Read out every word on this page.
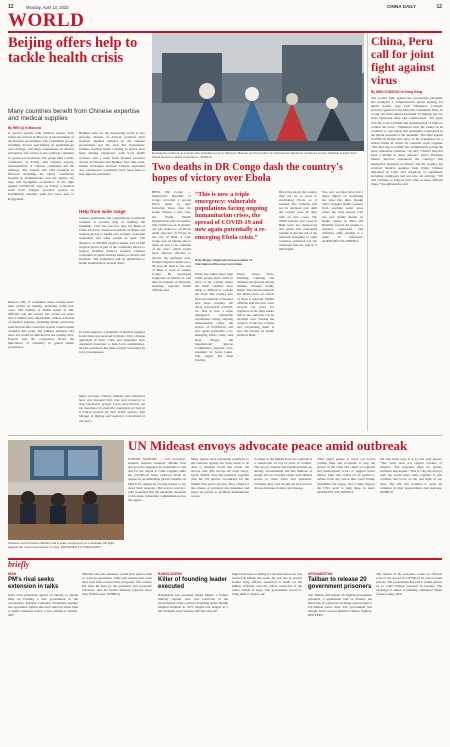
12	Monday, April 13, 2020	CHINA DAILY	12
WORLD
Beijing offers help to tackle health crisis
Many countries benefit from Chinese expertise and medical supplies
By REN QI in Moscow
A special session with medical experts from China has arrived in Moscow at the invitation of the Russian government. The 10-member group, including doctors specializing in epidemiology and virology, will share experiences on disease prevention and control as the outbreak continues to spread across Russia. The group held a video conference on Friday with Chinese experts, representatives of Chinese companies and the embassy. The experts will visit hospitals in Moscow, including the newly constructed hospital in Kommunarka, and the experts say they will strengthen cooperation in the fight against COVID-19. Also on Friday a medical team from Jiangsu province arrived in Kazakhstan. Another team has been sent to Kyrgyzstan.
Russia's tally of confirmed cases reached more than 13,500 on Sunday, including 2,186 new cases. The number of deaths stands at 106. Officials said the country has carried out more than 1 million tests. Meanwhile, China's donation of medical supplies, including masks, protective suits and test kits, arrived in several Central Asian countries this week. The Chinese embassy said more aid would be delivered in the coming days. Experts said the cooperation shows the importance of solidarity in global health governance.
Beijing's help for the developing world is also growing. Dozens of African countries have received supplies donated by the Chinese government and the Jack Ma Foundation. Chinese medical teams working in Africa have been sharing experience with local health workers, and a team from Sichuan province arrived in Ethiopia and Burkina Faso this week. Online exchanges between Chinese specialists and counterparts worldwide have been held to help fight the pandemic.
Help from wide range
Chinese individuals and organizations worldwide continue to provide help in fighting the pandemic. Over the past few days the Bank of China USA has donated thousands of masks and surgical gloves to health care workers, front-line responders and other people in need. The donation of 250,000 surgical masks and 12,000 surgical gloves is part of the continuing efforts to support frontline medical workers. Chinese companies in Japan donated masks to schools and hospitals. The equipment will be distributed to health institutions in several cities.
In Latin America, a shipment of medical supplies from China was received in Mexico City. Chinese diplomats in Peru, Chile and Argentina have organized donations to help local communities, and the assistance has been warmly welcomed by local governments.
Many overseas Chinese students and volunteers have also donated their time and resources to help vulnerable groups. Local governments say the donations of protective equipment arrived at a critical moment for their health systems. Pan Mengqi in Beijing and agencies contributed to this story.
Emergency workers at a temporary hospital set up in Moscow, Russia, as the number of coronavirus infections continues to rise. Medical experts from China arrived to share experience. XINHUA
Two deaths in DR Congo dash the country's hopes of victory over Ebola
BENI, DR Congo — Democratic Republic of Congo recorded a second Ebola death in days following more than six weeks without a new case, the World Health Organization said on Sunday. The victim was an 11-month-old girl linked to an Ebola death reported on Friday in the city of Beni, it said. Congo was on Sunday due to mark an end to an outbreak of the virus, which would have allowed officials to declare the epidemic over. Friday's reported death was a 26-year-old man in the east of Beni, a town in eastern Congo. He developed symptoms on March 27, and died in hospital on Thursday morning, regional health officials said.
“This is now a triple emergency: vulnerable populations facing ongoing humanitarian crises, the spread of COVID-19 and now again potentially a re-emerging Ebola crisis.”
Kate Moger, Regional vice-president of International Rescue Committee
Ebola has killed more than 2,260 people since 2018 in areas of the country where the tribal conflicts have made it difficult to contain the virus. The country also faces an outbreak of measles and, more recently, the novel coronavirus COVID-19. This is now a triple emergency: vulnerable populations facing ongoing humanitarian crises, the spread of COVID-19 and now again potentially a re-emerging Ebola crisis, said Kate Moger, the International Rescue Committee's regional vice-president for Great Lakes. The region has been bracing.
Ebola causes fever, bleeding, vomiting and diarrhea and spreads among humans through bodily fluids. The current outbreak has killed about two thirds of those it infected. Health officials said the new cases showed the need for vigilance in the final weeks before the outbreak can be declared over. Tracing the contacts of the two victims and vaccinating them is now the priority for health teams in Beni.
But it has shown the country may not be as close to eradicating Ebola as it seemed. The outbreak will not be declared over until the country goes 42 days with no new cases. The WHO said the new cases in Beni were not unexpected and teams had responded rapidly. It said the risk of the outbreak spreading to other countries remained low but cautioned that the region is still fragile.
Two new vaccines have had a major impact on containing the virus this time, though critics stopped health workers from reaching some areas where the virus spread. Late last year deadly attacks on health centers in Beni and Butembo forced aid groups to suspend operations and withdraw staff, leading to a spike in infections. AGENCIES VIA XINHUA
China, Peru call for joint fight against virus
By WEN ZONGDUO in Hong Kong
The world's fight against the coronavirus pandemic has prompted a comprehensive global strategy for public health, says Luis Villanueva Carbajal, secretary-general of the Peruvian Communist Party. In a long call with Chinese President Xi Jinping, the two sides expressed unity and collaboration. “We agree with the correct attitude and determination of China to combat the virus,” Villanueva said. He called on all countries to join hands and strengthen cooperation in the global response to the pandemic. The fight against COVID-19 should also serve as the foundation for a shared future in which all countries work together. “The first step is to fulfil our commitments to help the most vulnerable countries,” he said. “China's help has been a lifeline to many nations.” Peru's President Martin Vizcarra announced the country's first emergency measures in March, and the country has received medical supplies from China. Chinese diplomats in Lima said donations of equipment, including ventilators and test kits, are arriving. “We will continue to support each other in these difficult times,” the ambassador said.
Chinese and Peruvian officials hold a video conference to coordinate the fight against the novel coronavirus in Lima. PROVIDED TO CHINA DAILY
UN Mideast envoys advocate peace amid outbreak
UNITED NATIONS — UN Secretary-General Antonio Guterres' Middle East envoys have appealed for hostilities to end and for the region to come together amid the COVID-19 crisis. Guterres made an appeal for an immediate global ceasefire on March 23, urging all warring parties to lay down their weapons. The envoys said in a joint statement that the pandemic threatens to devastate vulnerable communities across the region.
Many parties have responded positively to the Guterres appeal, but more needs to be done to translate words into action, the envoys said. The envoys are from Libya, Syria, Yemen, Iraq and Lebanon, together with the UN special coordinator for the Middle East peace process. They called for the release of prisoners and detainees and urged all parties to facilitate humanitarian access.
To many in the Middle East, the outbreak is a catastrophe on top of years of conflict. The envoys warned that health systems are already overwhelmed and that millions of people live in crowded camps with limited access to clean water and sanitation. Civilians, they said, should not be forced to choose between violence and disease.
Their urged parties to reach out across conflict lines and cooperate to stop the spread of the virus and called on regional and international actors to support peace efforts. They also called on all parties to refrain from any action that could further destabilize the region, and to fully support the UN's work to help those in need. AGENCIES VIA XINHUA
We said these days it is not the only lesson: “The virus does not respect borders or religion. The response must be global, inclusive and urgent.” This is why, the envoys said, the world must come together to end conflicts and focus on the real fight of our lives. The UN will continue to assist all countries in their preparedness and response. XINHUA
briefly
IRAN
PM's rival seeks extension in talks
Iran's rival politicians agreed on Sunday to extend talks on forming a new government as the coronavirus outbreak continues. Parliament speaker and opposition figures met and called for more time to build consensus before a new cabinet is formed. AFP
Officials said the extension would give parties time to reach an agreement. Talks will resume next week after both sides reviewed the proposals. The country has been hit hard by the pandemic and economic sanctions, and the health ministry reported more than 70,000 cases. XINHUA
BANGLADESH
Killer of founding leader executed
Bangladesh has executed Abdul Majed, a former military captain, who was convicted of the assassination of the country's founding leader Sheikh Mujibur Rahman in 1975. Majed was hanged at a jail in Dhaka early Sunday, officials said. AP
Majed had been in hiding for decades before he was arrested in Dhaka last week. He was one of several former army officers sentenced to death for the killing. Officials said the others convicted of the crime remain at large. The government vowed to bring them to justice. AP
AFGHANISTAN
Taliban to release 20 government prisoners
The Taliban will release 20 Afghan government prisoners, a spokesman said on Sunday, the latest step in a prisoner exchange agreed under a US-Taliban peace deal. The government had already freed several hundred Taliban fighters. REUTERS
The release of the prisoners comes as officials warn of the spread of COVID-19 in overcrowded prisons. The government has said it would release up to 1,500 Taliban prisoners in batches. The exchange is aimed at building confidence ahead of peace talks. AFP
